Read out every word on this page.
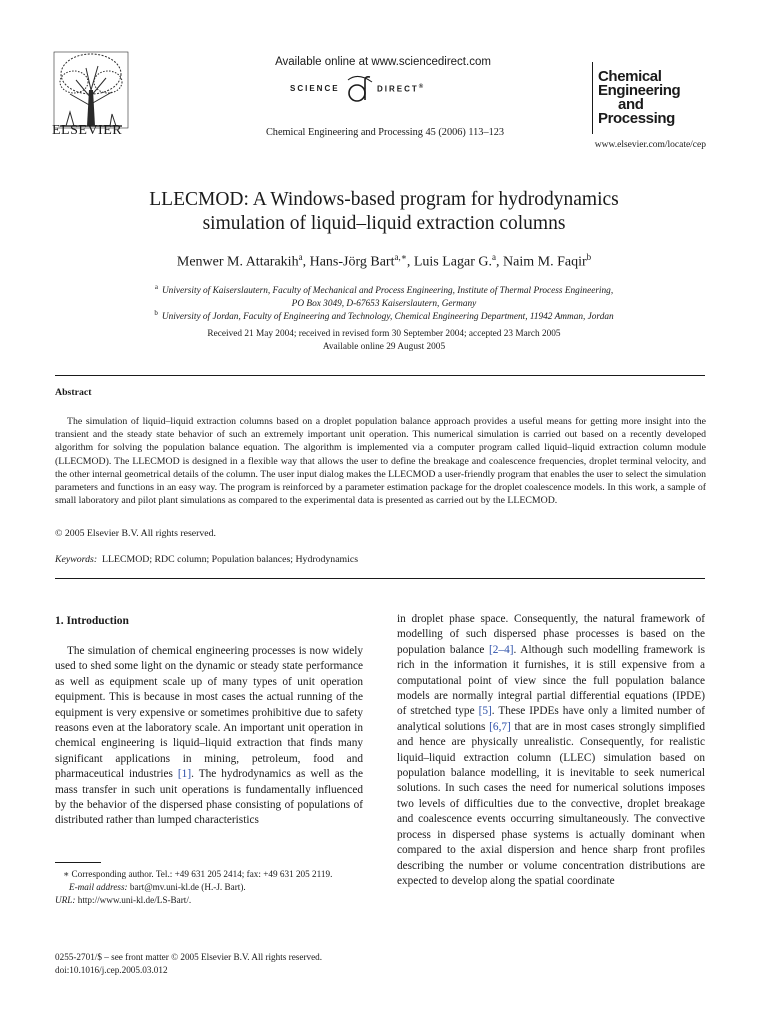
ELSEVIER
Available online at www.sciencedirect.com
SCIENCE	DIRECT®
Chemical Engineering and Processing 45 (2006) 113–123
Chemical
Engineering
and
Processing
www.elsevier.com/locate/cep
LLECMOD: A Windows-based program for hydrodynamics
simulation of liquid–liquid extraction columns
Menwer M. Attarakih$^a$, Hans-Jörg Bart$^{a,∗}$, Luis Lagar G.$^a$, Naim M. Faqir$^b$
$^a$ University of Kaiserslautern, Faculty of Mechanical and Process Engineering, Institute of Thermal Process Engineering,
PO Box 3049, D-67653 Kaiserslautern, Germany
$^b$ University of Jordan, Faculty of Engineering and Technology, Chemical Engineering Department, 11942 Amman, Jordan
Received 21 May 2004; received in revised form 30 September 2004; accepted 23 March 2005
Available online 29 August 2005
Abstract

The simulation of liquid–liquid extraction columns based on a droplet population balance approach provides a useful means for getting more insight into the transient and the steady state behavior of such an extremely important unit operation. This numerical simulation is carried out based on a recently developed algorithm for solving the population balance equation. The algorithm is implemented via a computer program called liquid–liquid extraction column module (LLECMOD). The LLECMOD is designed in a flexible way that allows the user to define the breakage and coalescence frequencies, droplet terminal velocity, and the other internal geometrical details of the column. The user input dialog makes the LLECMOD a user-friendly program that enables the user to select the simulation parameters and functions in an easy way. The program is reinforced by a parameter estimation package for the droplet coalescence models. In this work, a sample of small laboratory and pilot plant simulations as compared to the experimental data is presented as carried out by the LLECMOD.

© 2005 Elsevier B.V. All rights reserved.
Keywords: LLECMOD; RDC column; Population balances; Hydrodynamics
1. Introduction

The simulation of chemical engineering processes is now widely used to shed some light on the dynamic or steady state performance as well as equipment scale up of many types of unit operation equipment. This is because in most cases the actual running of the equipment is very expensive or sometimes prohibitive due to safety reasons even at the laboratory scale. An important unit operation in chemical engineering is liquid–liquid extraction that finds many significant applications in mining, petroleum, food and pharmaceutical industries [1]. The hydrodynamics as well as the mass transfer in such unit operations is fundamentally influenced by the behavior of the dispersed phase consisting of populations of distributed rather than lumped characteristics

in droplet phase space. Consequently, the natural framework of modelling of such dispersed phase processes is based on the population balance [2–4]. Although such modelling framework is rich in the information it furnishes, it is still expensive from a computational point of view since the full population balance models are normally integral partial differential equations (IPDE) of stretched type [5]. These IPDEs have only a limited number of analytical solutions [6,7] that are in most cases strongly simplified and hence are physically unrealistic. Consequently, for realistic liquid–liquid extraction column (LLEC) simulation based on population balance modelling, it is inevitable to seek numerical solutions. In such cases the need for numerical solutions imposes two levels of difficulties due to the convective, droplet breakage and coalescence events occurring simultaneously. The convective process in dispersed phase systems is actually dominant when compared to the axial dispersion and hence sharp front profiles describing the number or volume concentration distributions are expected to develop along the spatial coordinate

∗ Corresponding author. Tel.: +49 631 205 2414; fax: +49 631 205 2119.
E-mail address: bart@mv.uni-kl.de (H.-J. Bart).
URL: http://www.uni-kl.de/LS-Bart/.
0255-2701/$ – see front matter © 2005 Elsevier B.V. All rights reserved.
doi:10.1016/j.cep.2005.03.012
